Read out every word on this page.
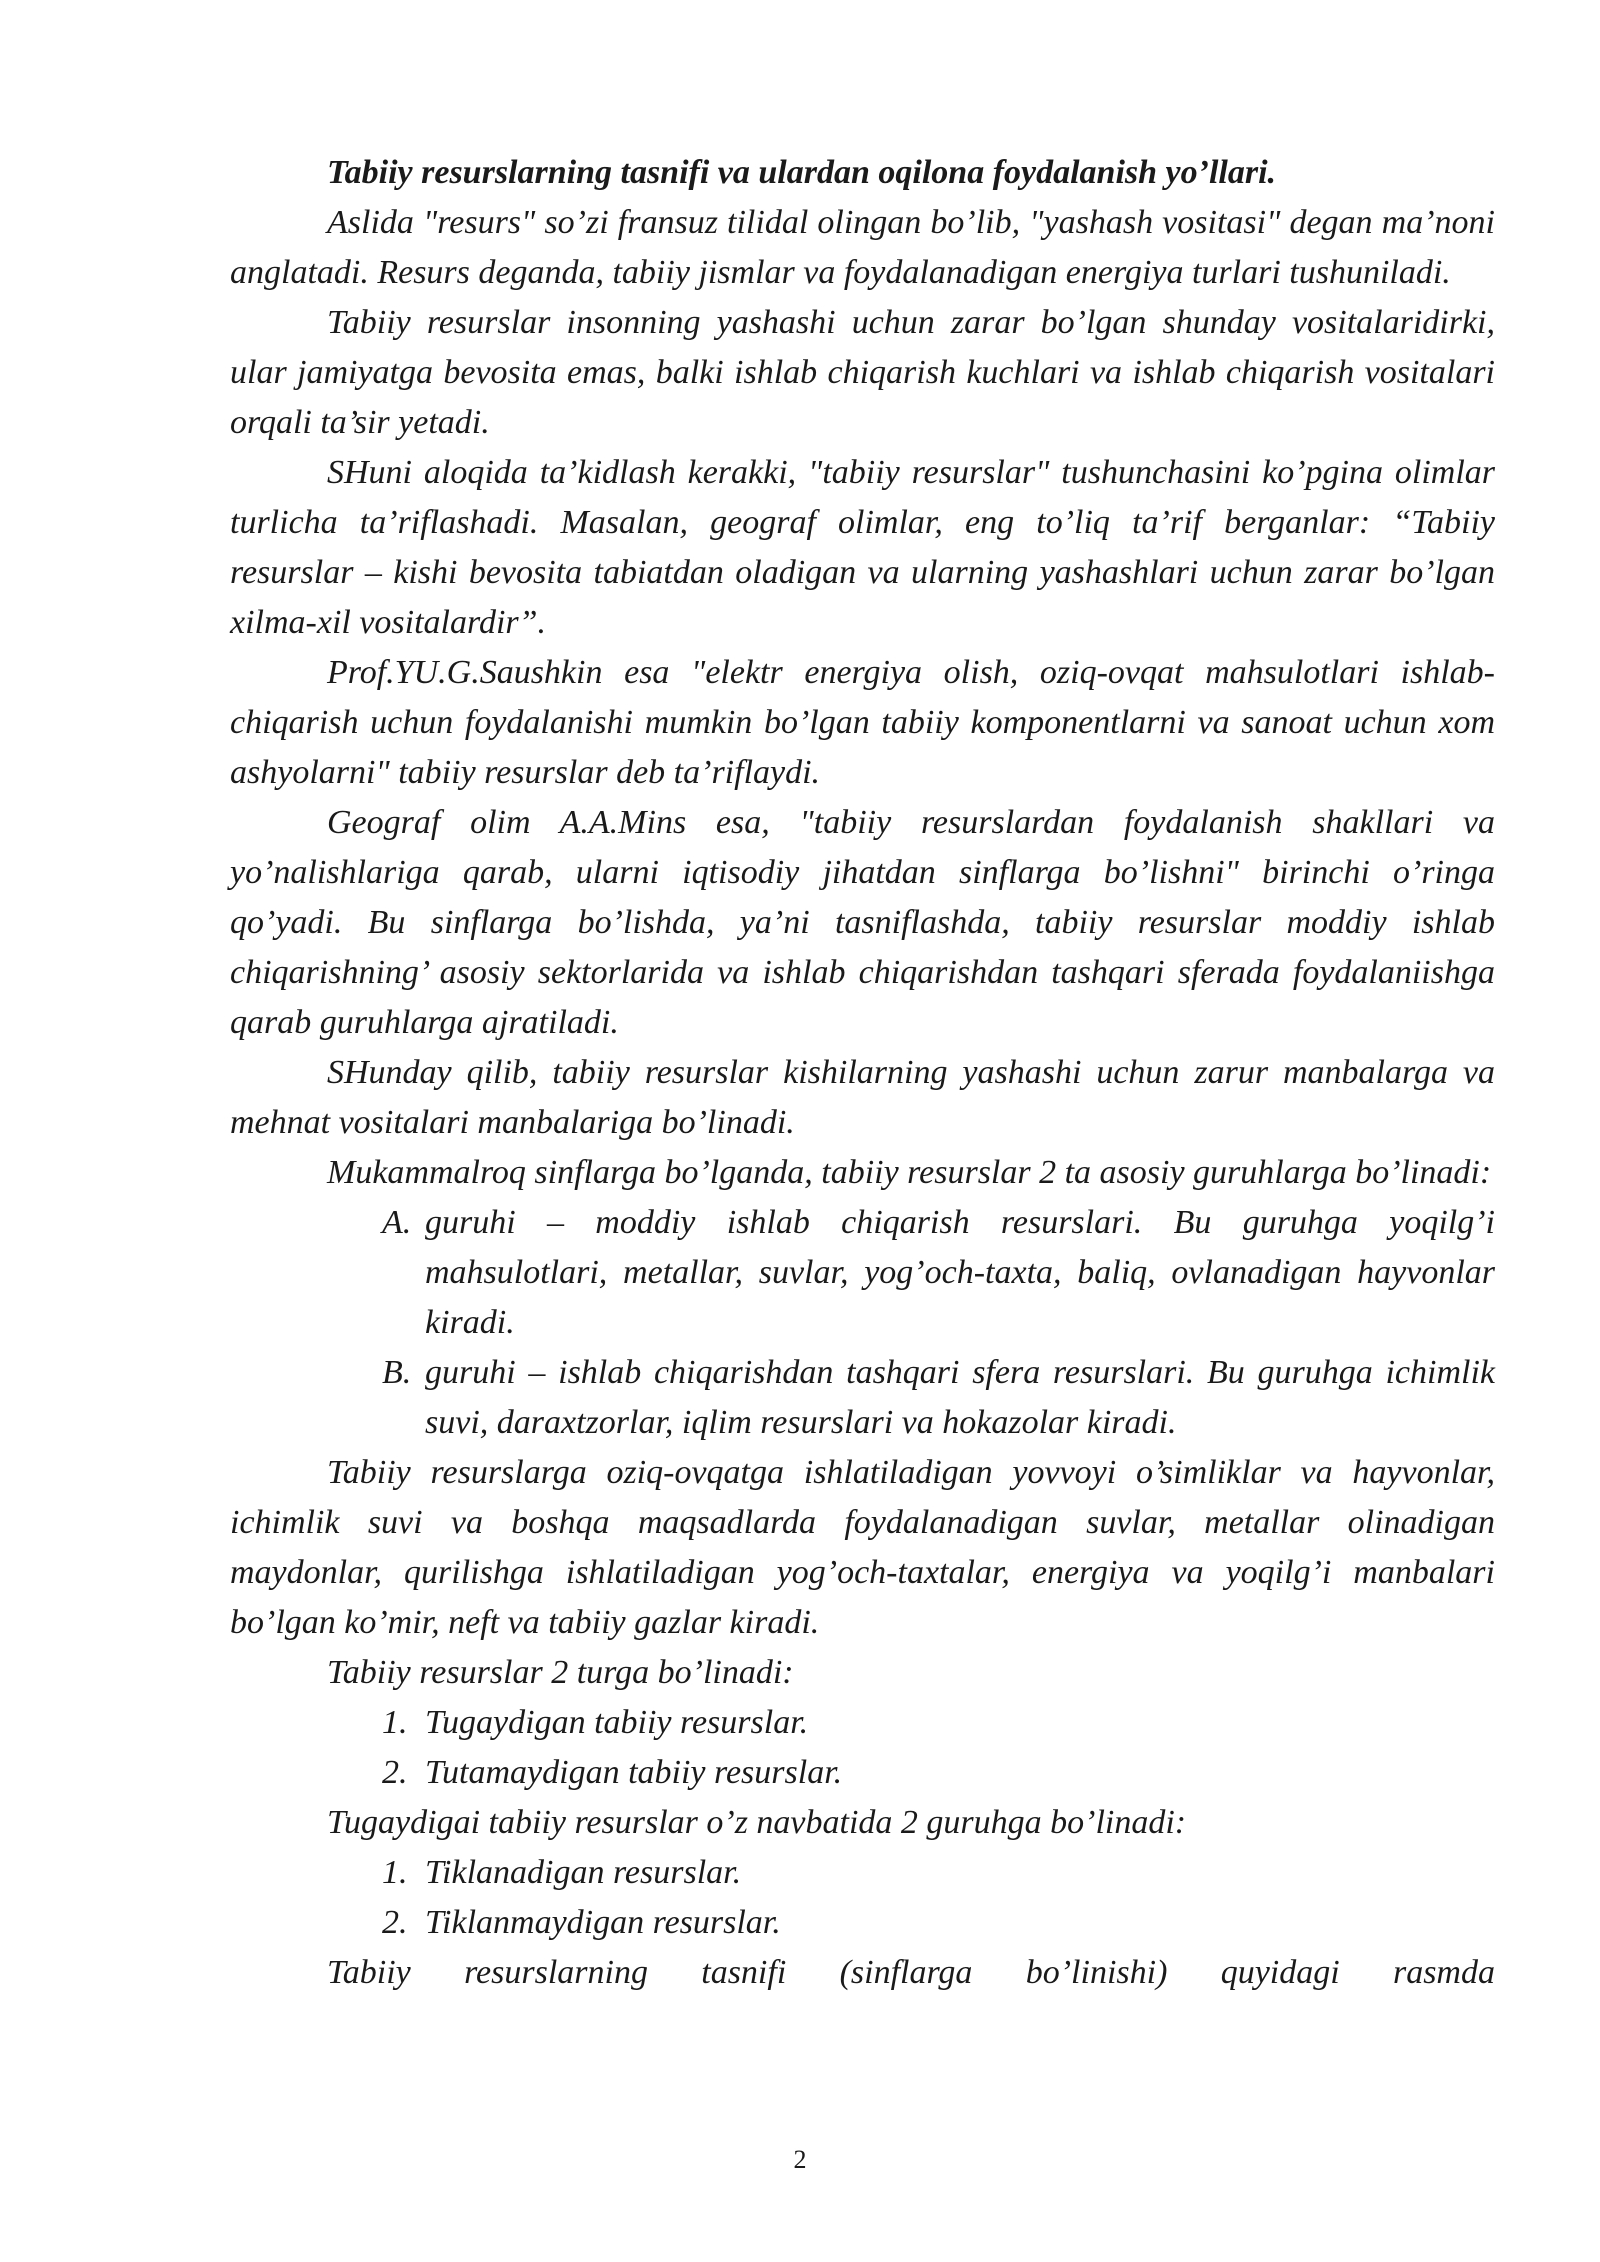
Tabiiy resurslarning tasnifi va ulardan oqilona foydalanish yo’llari.

Aslida "resurs" so’zi fransuz tilidal olingan bo’lib, "yashash vositasi" degan ma’noni anglatadi. Resurs deganda, tabiiy jismlar va foydalanadigan energiya turlari tushuniladi.

Tabiiy resurslar insonning yashashi uchun zarar bo’lgan shunday vositalaridirki, ular jamiyatga bevosita emas, balki ishlab chiqarish kuchlari va ishlab chiqarish vositalari orqali ta’sir yetadi.

SHuni aloqida ta’kidlash kerakki, "tabiiy resurslar" tushunchasini ko’pgina olimlar turlicha ta’riflashadi. Masalan, geograf olimlar, eng to’liq ta’rif berganlar: “Tabiiy resurslar – kishi bevosita tabiatdan oladigan va ularning yashashlari uchun zarar bo’lgan xilma-xil vositalardir”.

Prof.YU.G.Saushkin esa "elektr energiya olish, oziq-ovqat mahsulotlari ishlab-chiqarish uchun foydalanishi mumkin bo’lgan tabiiy komponentlarni va sanoat uchun xom ashyolarni" tabiiy resurslar deb ta’riflaydi.

Geograf olim A.A.Mins esa, "tabiiy resurslardan foydalanish shakllari va yo’nalishlariga qarab, ularni iqtisodiy jihatdan sinflarga bo’lishni" birinchi o’ringa qo’yadi. Bu sinflarga bo’lishda, ya’ni tasniflashda, tabiiy resurslar moddiy ishlab chiqarishning’ asosiy sektorlarida va ishlab chiqarishdan tashqari sferada foydalaniishga qarab guruhlarga ajratiladi.

SHunday qilib, tabiiy resurslar kishilarning yashashi uchun zarur manbalarga va mehnat vositalari manbalariga bo’linadi.

Mukammalroq sinflarga bo’lganda, tabiiy resurslar 2 ta asosiy guruhlarga bo’linadi:

A. guruhi – moddiy ishlab chiqarish resurslari. Bu guruhga yoqilg’i mahsulotlari, metallar, suvlar, yog’och-taxta, baliq, ovlanadigan hayvonlar kiradi.
B. guruhi – ishlab chiqarishdan tashqari sfera resurslari. Bu guruhga ichimlik suvi, daraxtzorlar, iqlim resurslari va hokazolar kiradi.

Tabiiy resurslarga oziq-ovqatga ishlatiladigan yovvoyi o’simliklar va hayvonlar, ichimlik suvi va boshqa maqsadlarda foydalanadigan suvlar, metallar olinadigan maydonlar, qurilishga ishlatiladigan yog’och-taxtalar, energiya va yoqilg’i manbalari bo’lgan ko’mir, neft va tabiiy gazlar kiradi.

Tabiiy resurslar 2 turga bo’linadi:

1. Tugaydigan tabiiy resurslar.
2. Tutamaydigan tabiiy resurslar.

Tugaydigai tabiiy resurslar o’z navbatida 2 guruhga bo’linadi:

1. Tiklanadigan resurslar.
2. Tiklanmaydigan resurslar.

Tabiiy resurslarning tasnifi (sinflarga bo’linishi) quyidagi rasmda

2
